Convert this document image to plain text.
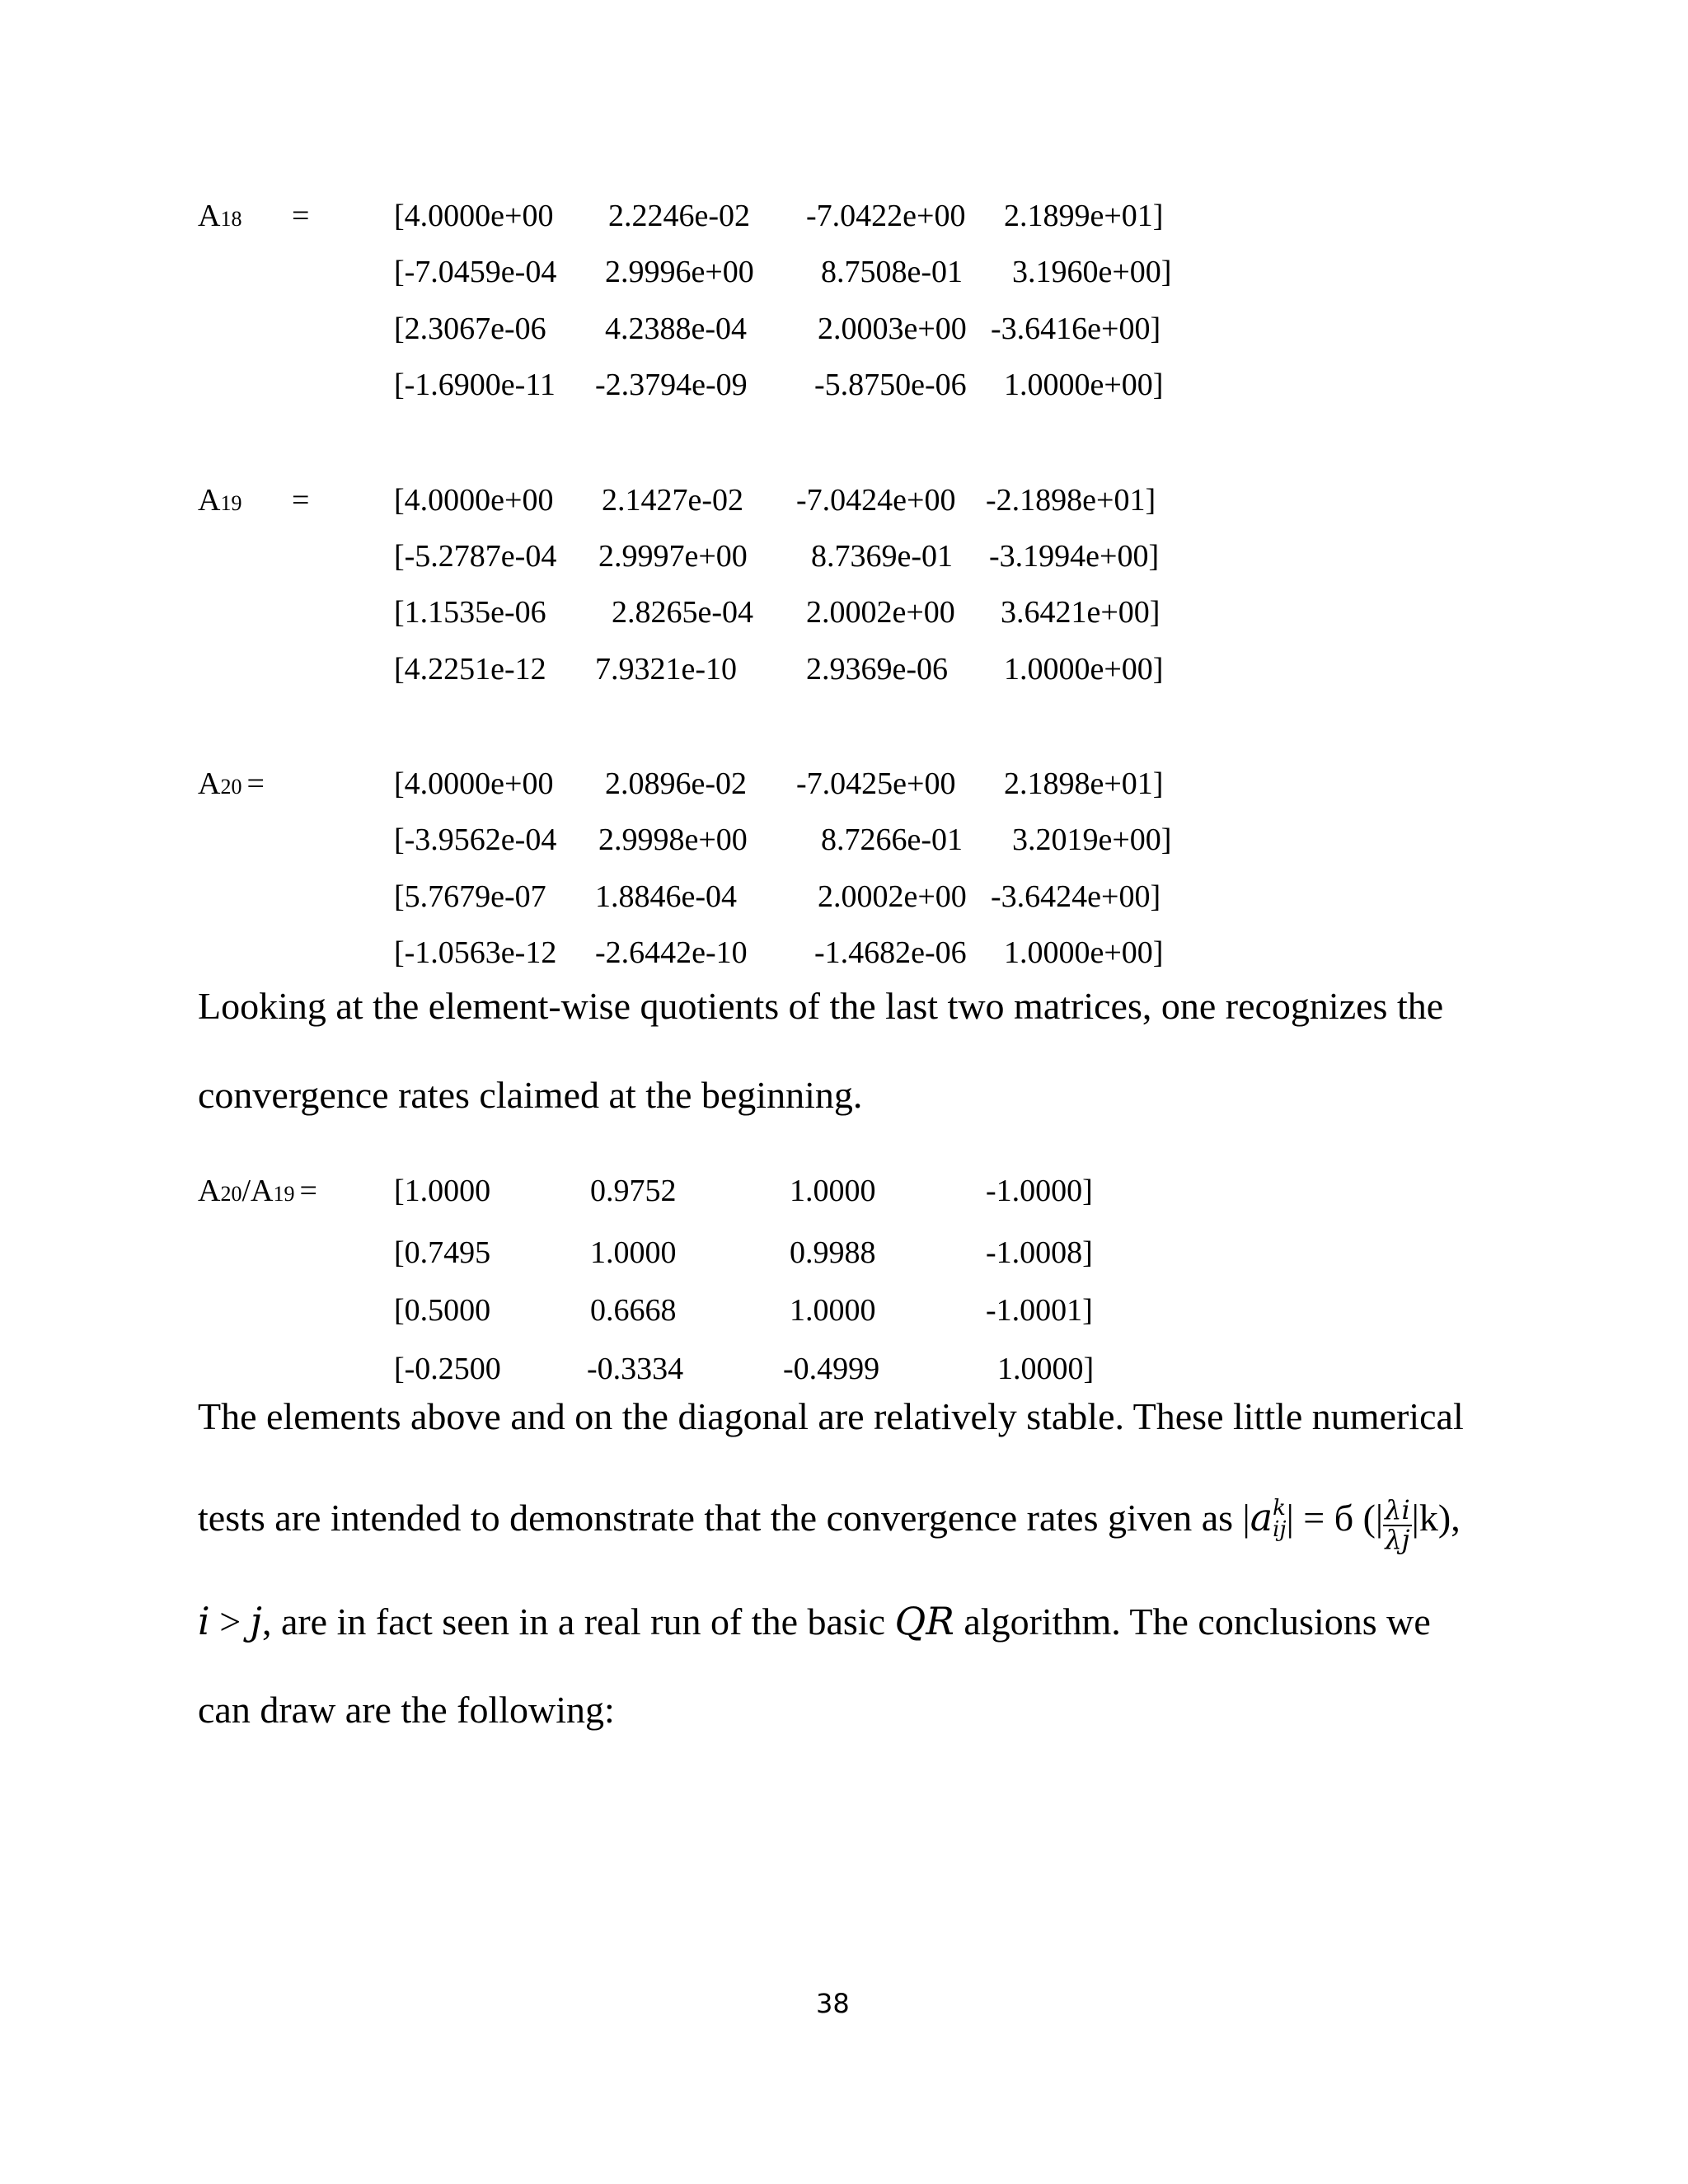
A18 =	[4.0000e+00 2.2246e-02 -7.0422e+00 2.1899e+01]
[-7.0459e-04 2.9996e+00 8.7508e-01 3.1960e+00]
[2.3067e-06 4.2388e-04 2.0003e+00 -3.6416e+00]
[-1.6900e-11 -2.3794e-09 -5.8750e-06 1.0000e+00]
A19 =	[4.0000e+00 2.1427e-02 -7.0424e+00 -2.1898e+01]
[-5.2787e-04 2.9997e+00 8.7369e-01 -3.1994e+00]
[1.1535e-06 2.8265e-04 2.0002e+00 3.6421e+00]
[4.2251e-12 7.9321e-10 2.9369e-06 1.0000e+00]
A20 =	[4.0000e+00 2.0896e-02 -7.0425e+00 2.1898e+01]
[-3.9562e-04 2.9998e+00 8.7266e-01 3.2019e+00]
[5.7679e-07 1.8846e-04	2.0002e+00 -3.6424e+00]
[-1.0563e-12 -2.6442e-10 -1.4682e-06 1.0000e+00]
Looking at the element-wise quotients of the last two matrices, one recognizes the
convergence rates claimed at the beginning.
A20/A19 = [1.0000	0.9752	1.0000	-1.0000]
[0.7495	1.0000	0.9988	-1.0008]
[0.5000	0.6668	1.0000	-1.0001]
[-0.2500	-0.3334	-0.4999	1.0000]
The elements above and on the diagonal are relatively stable. These little numerical
tests are intended to demonstrate that the convergence rates given as |a k
ij | = б (| $\frac{\lambda i}{\lambda j} |k$),
i > j, are in fact seen in a real run of the basic QR algorithm. The conclusions we
can draw are the following:
38
